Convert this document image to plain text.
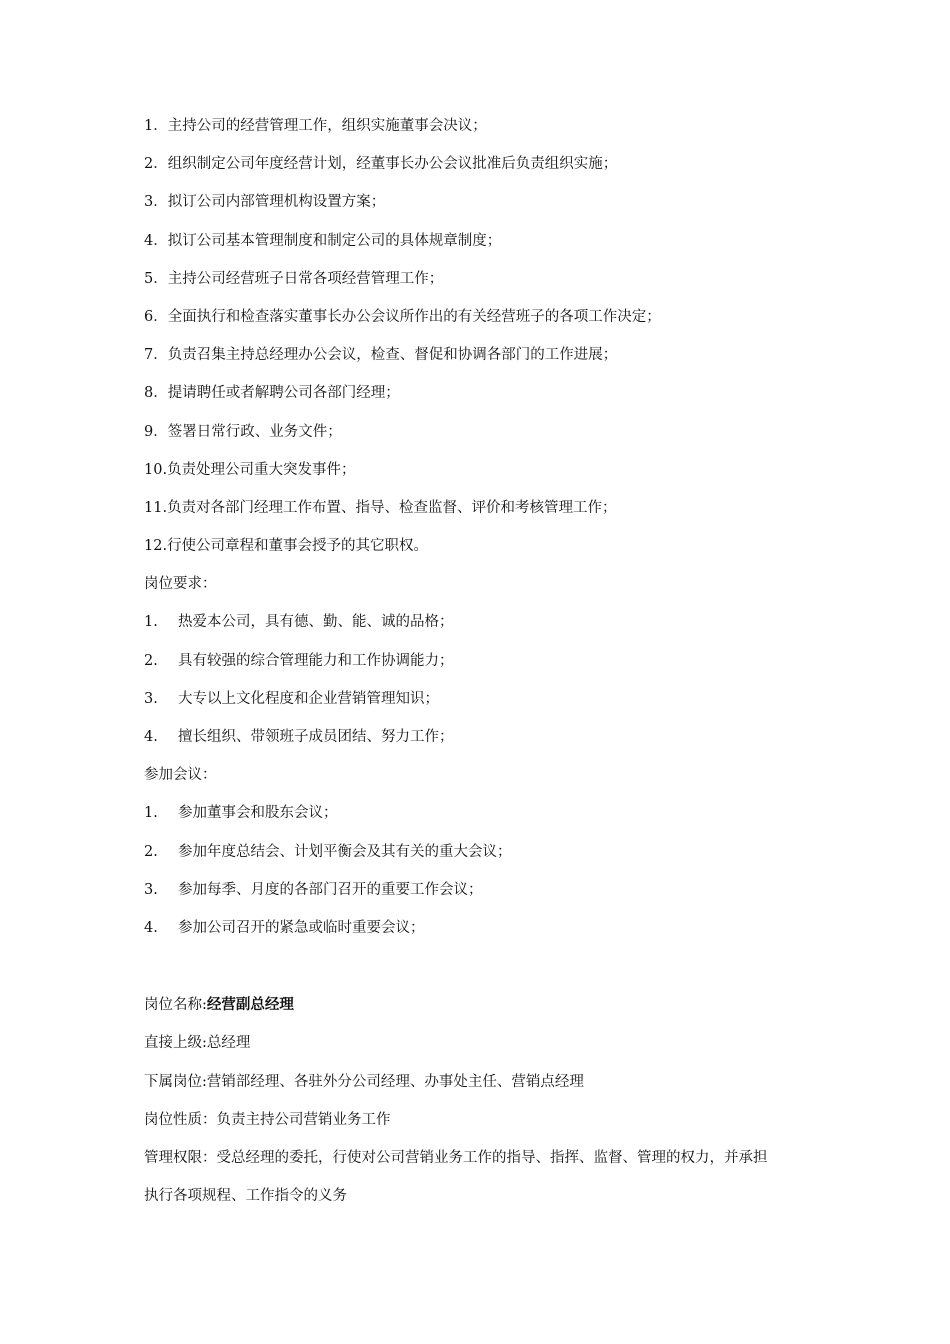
1．主持公司的经营管理工作，组织实施董事会决议；
2．组织制定公司年度经营计划，经董事长办公会议批准后负责组织实施；
3．拟订公司内部管理机构设置方案；
4．拟订公司基本管理制度和制定公司的具体规章制度；
5．主持公司经营班子日常各项经营管理工作；
6．全面执行和检查落实董事长办公会议所作出的有关经营班子的各项工作决定；
7．负责召集主持总经理办公会议，检查、督促和协调各部门的工作进展；
8．提请聘任或者解聘公司各部门经理；
9．签署日常行政、业务文件；
10.负责处理公司重大突发事件；
11.负责对各部门经理工作布置、指导、检查监督、评价和考核管理工作；
12.行使公司章程和董事会授予的其它职权。
岗位要求：
1. 热爱本公司，具有德、勤、能、诚的品格；
2. 具有较强的综合管理能力和工作协调能力；
3. 大专以上文化程度和企业营销管理知识；
4. 擅长组织、带领班子成员团结、努力工作；
参加会议：
1. 参加董事会和股东会议；
2. 参加年度总结会、计划平衡会及其有关的重大会议；
3. 参加每季、月度的各部门召开的重要工作会议；
4. 参加公司召开的紧急或临时重要会议；
岗位名称:经营副总经理
直接上级:总经理
下属岗位:营销部经理、各驻外分公司经理、办事处主任、营销点经理
岗位性质：负责主持公司营销业务工作
管理权限：受总经理的委托，行使对公司营销业务工作的指导、指挥、监督、管理的权力，并承担执行各项规程、工作指令的义务
